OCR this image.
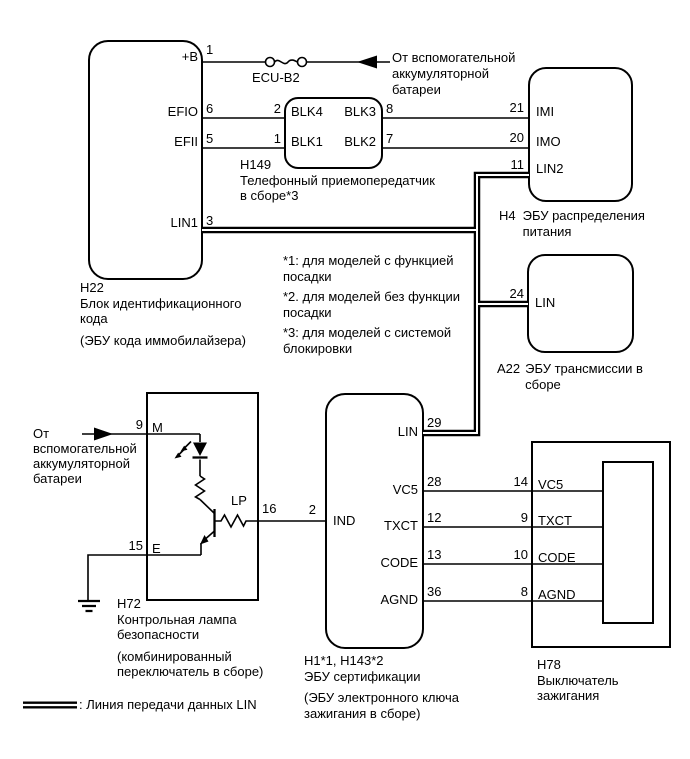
1
+B
6
EFIO
5
EFII
3
LIN1
H22
Блок идентификационного кода
(ЭБУ кода иммобилайзера)
ECU-B2
От вспомогательной аккумуляторной батареи
2 BLK4
1 BLK1
8
BLK3
7
BLK2
H149
Телефонный приемопередатчик в сборе*3
21 IMI
20 IMO
11 LIN2
H4 ЭБУ распределения питания
24
LIN
A22 ЭБУ трансмиссии в сборе

*1: для моделей с функцией посадки

*2. для моделей без функции посадки

*3: для моделей с системой блокировки

29
LIN
28
VC5
12
TXCT
13
CODE
36
AGND
2
IND
H1*1, H143*2
ЭБУ сертификации
(ЭБУ электронного ключа зажигания в сборе)
9 M
15 E
LP
16
H72
Контрольная лампа безопасности
(комбинированный переключатель в сборе)
От вспомогательной аккумуляторной батареи	14 VC5
9 TXCT
10 CODE
8 AGND
H78
Выключатель зажигания
: Линия передачи данных LIN
